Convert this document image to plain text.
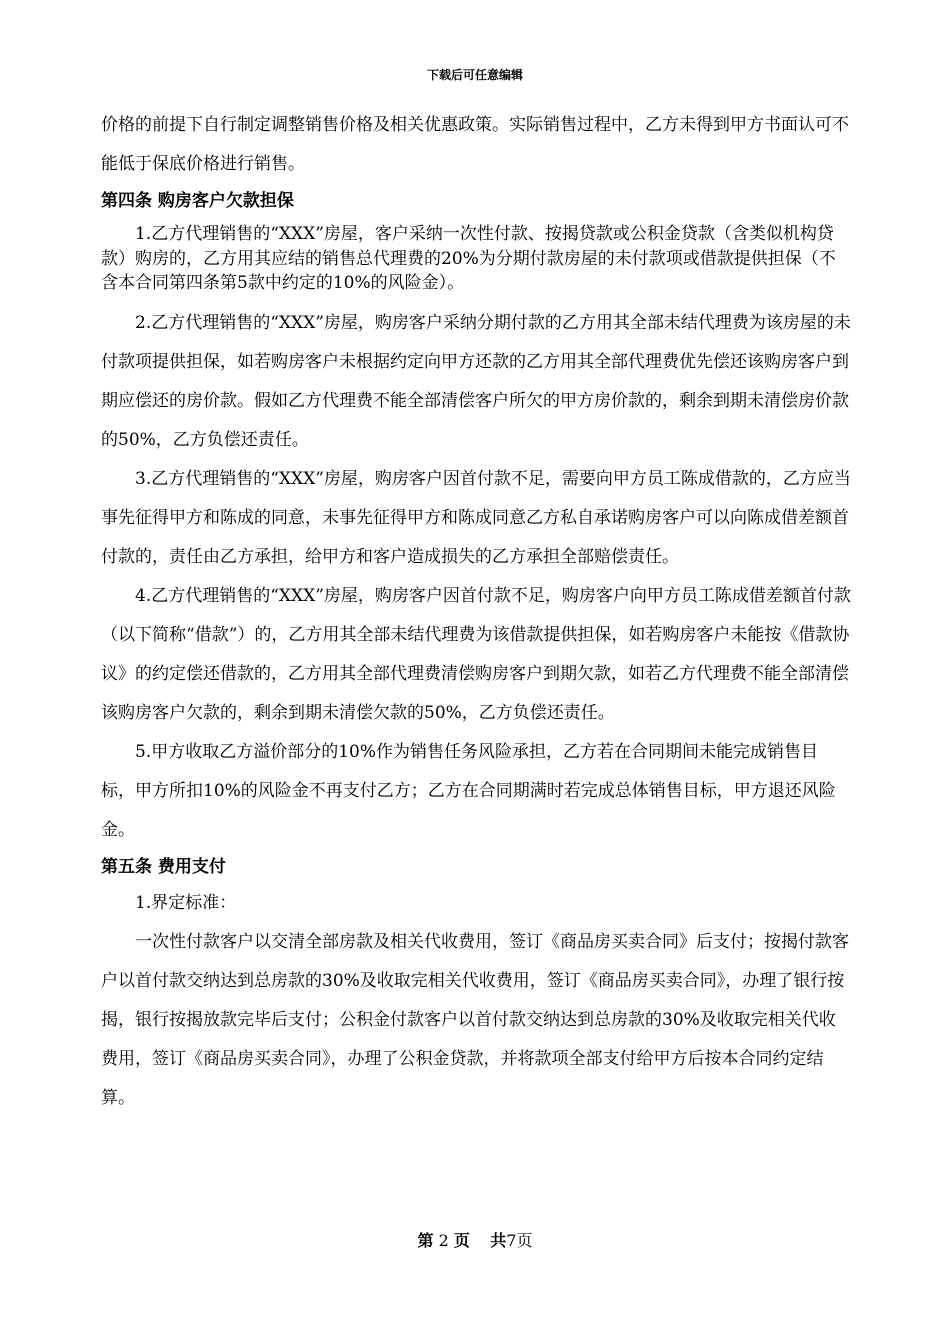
下载后可任意编辑

价格的前提下自行制定调整销售价格及相关优惠政策。实际销售过程中，乙方未得到甲方书面认可不能低于保底价格进行销售。

第四条 购房客户欠款担保

1.乙方代理销售的“XXX”房屋，客户采纳一次性付款、按揭贷款或公积金贷款（含类似机构贷款）购房的，乙方用其应结的销售总代理费的20%为分期付款房屋的未付款项或借款提供担保（不含本合同第四条第5款中约定的10%的风险金）。

2.乙方代理销售的“XXX”房屋，购房客户采纳分期付款的乙方用其全部未结代理费为该房屋的未付款项提供担保，如若购房客户未根据约定向甲方还款的乙方用其全部代理费优先偿还该购房客户到期应偿还的房价款。假如乙方代理费不能全部清偿客户所欠的甲方房价款的，剩余到期未清偿房价款的50%，乙方负偿还责任。

3.乙方代理销售的“XXX”房屋，购房客户因首付款不足，需要向甲方员工陈成借款的，乙方应当事先征得甲方和陈成的同意，未事先征得甲方和陈成同意乙方私自承诺购房客户可以向陈成借差额首付款的，责任由乙方承担，给甲方和客户造成损失的乙方承担全部赔偿责任。

4.乙方代理销售的“XXX”房屋，购房客户因首付款不足，购房客户向甲方员工陈成借差额首付款（以下简称“借款”）的，乙方用其全部未结代理费为该借款提供担保，如若购房客户未能按《借款协议》的约定偿还借款的，乙方用其全部代理费清偿购房客户到期欠款，如若乙方代理费不能全部清偿该购房客户欠款的，剩余到期未清偿欠款的50%，乙方负偿还责任。

5.甲方收取乙方溢价部分的10%作为销售任务风险承担，乙方若在合同期间未能完成销售目标，甲方所扣10%的风险金不再支付乙方；乙方在合同期满时若完成总体销售目标，甲方退还风险金。

第五条 费用支付

1.界定标准：

一次性付款客户以交清全部房款及相关代收费用，签订《商品房买卖合同》后支付；按揭付款客户以首付款交纳达到总房款的30%及收取完相关代收费用，签订《商品房买卖合同》，办理了银行按揭，银行按揭放款完毕后支付；公积金付款客户以首付款交纳达到总房款的30%及收取完相关代收费用，签订《商品房买卖合同》，办理了公积金贷款，并将款项全部支付给甲方后按本合同约定结算。

第 2 页 共7页
